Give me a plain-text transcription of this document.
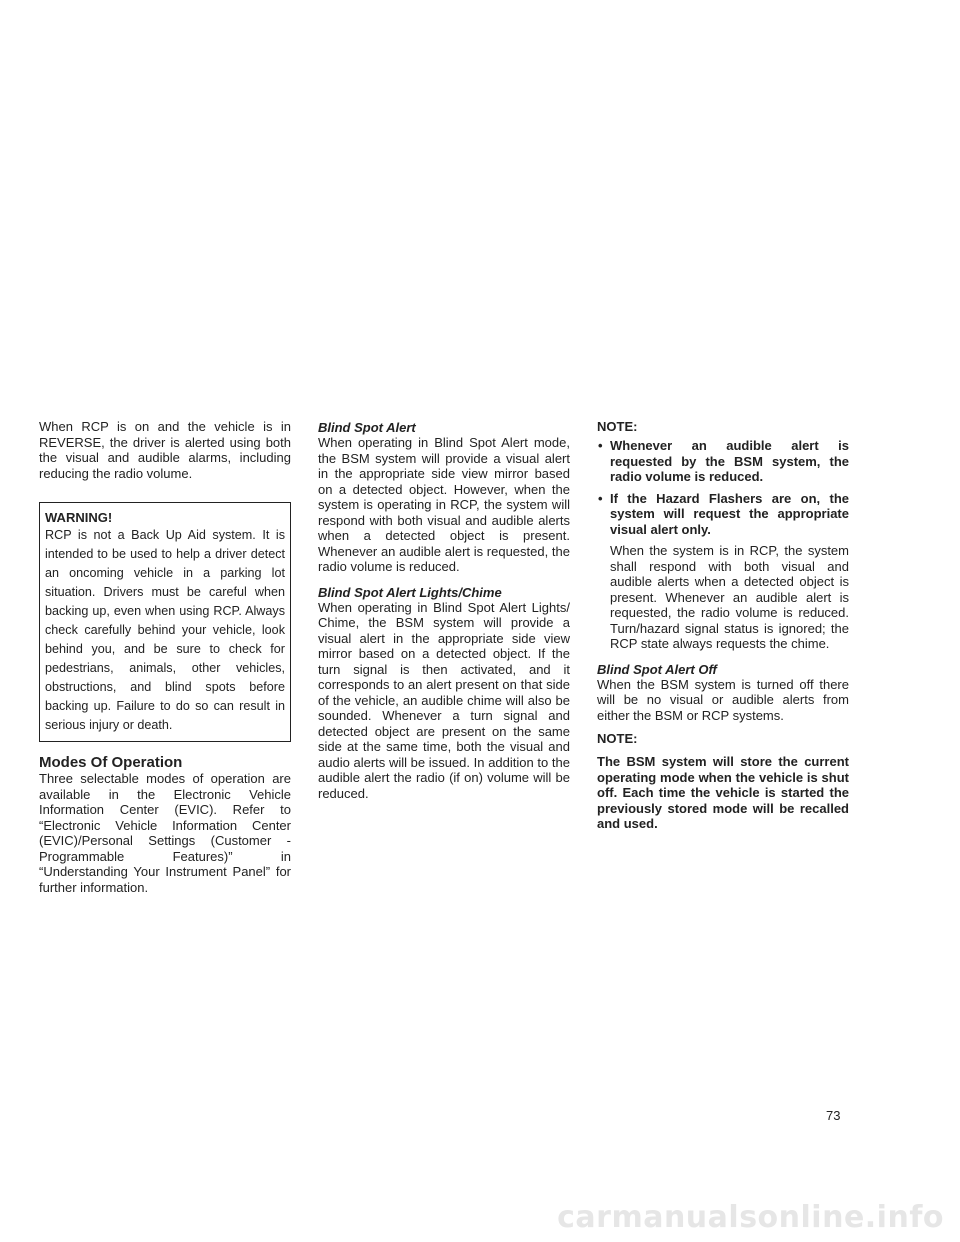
When RCP is on and the vehicle is in REVERSE, the driver is alerted using both the visual and audible alarms, including reducing the radio volume.

WARNING!
RCP is not a Back Up Aid system. It is intended to be used to help a driver detect an oncoming vehicle in a parking lot situation. Drivers must be careful when backing up, even when using RCP. Always check carefully behind your vehicle, look behind you, and be sure to check for pedestrians, animals, other vehicles, obstructions, and blind spots before backing up. Failure to do so can result in serious injury or death.
Modes Of Operation

Three selectable modes of operation are available in the Electronic Vehicle Information Center (EVIC). Refer to “Electronic Vehicle Information Center (EVIC)/Personal Settings (Customer - Programmable Features)” in “Understanding Your Instrument Panel” for further information.

Blind Spot Alert

When operating in Blind Spot Alert mode, the BSM system will provide a visual alert in the appropriate side view mirror based on a detected object. However, when the system is operating in RCP, the system will respond with both visual and audible alerts when a detected object is present. Whenever an audible alert is requested, the radio volume is reduced.

Blind Spot Alert Lights/Chime

When operating in Blind Spot Alert Lights/ Chime, the BSM system will provide a visual alert in the appropriate side view mirror based on a detected object. If the turn signal is then activated, and it corresponds to an alert present on that side of the vehicle, an audible chime will also be sounded. Whenever a turn signal and detected object are present on the same side at the same time, both the visual and audio alerts will be issued. In addition to the audible alert the radio (if on) volume will be reduced.

NOTE:
• Whenever an audible alert is requested by the BSM system, the radio volume is reduced.
• If the Hazard Flashers are on, the system will request the appropriate visual alert only.

When the system is in RCP, the system shall respond with both visual and audible alerts when a detected object is present. Whenever an audible alert is requested, the radio volume is reduced. Turn/hazard signal status is ignored; the RCP state always requests the chime.

Blind Spot Alert Off

When the BSM system is turned off there will be no visual or audible alerts from either the BSM or RCP systems.

NOTE:

The BSM system will store the current operating mode when the vehicle is shut off. Each time the vehicle is started the previously stored mode will be recalled and used.

73
carmanualsonline.info
